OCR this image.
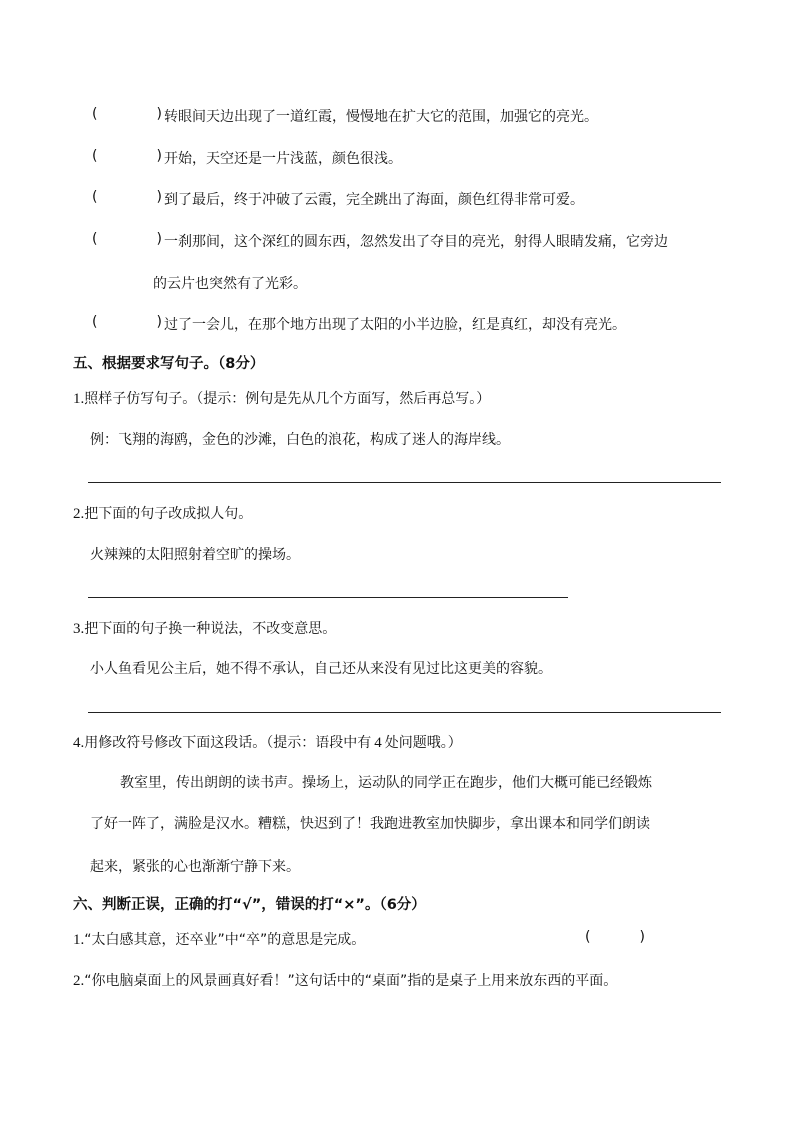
(	) 转眼间天边出现了一道红霞，慢慢地在扩大它的范围，加强它的亮光。
(	) 开始，天空还是一片浅蓝，颜色很浅。
(	) 到了最后，终于冲破了云霞，完全跳出了海面，颜色红得非常可爱。
(	) 一刹那间，这个深红的圆东西，忽然发出了夺目的亮光，射得人眼睛发痛，它旁边
的云片也突然有了光彩。
(	) 过了一会儿，在那个地方出现了太阳的小半边脸，红是真红，却没有亮光。
五、根据要求写句子。（8分）
1.照样子仿写句子。（提示：例句是先从几个方面写，然后再总写。）
例：飞翔的海鸥，金色的沙滩，白色的浪花，构成了迷人的海岸线。
2.把下面的句子改成拟人句。
火辣辣的太阳照射着空旷的操场。
3.把下面的句子换一种说法，不改变意思。
小人鱼看见公主后，她不得不承认，自己还从来没有见过比这更美的容貌。
4.用修改符号修改下面这段话。（提示：语段中有 4 处问题哦。）
教室里，传出朗朗的读书声。操场上，运动队的同学正在跑步，他们大概可能已经锻炼
了好一阵了，满脸是汉水。糟糕，快迟到了！我跑进教室加快脚步，拿出课本和同学们朗读
起来，紧张的心也渐渐宁静下来。
六、判断正误，正确的打“√”，错误的打“×”。（6分）
1.“太白感其意，还卒业”中“卒”的意思是完成。	(	)
2.“你电脑桌面上的风景画真好看！”这句话中的“桌面”指的是桌子上用来放东西的平面。
